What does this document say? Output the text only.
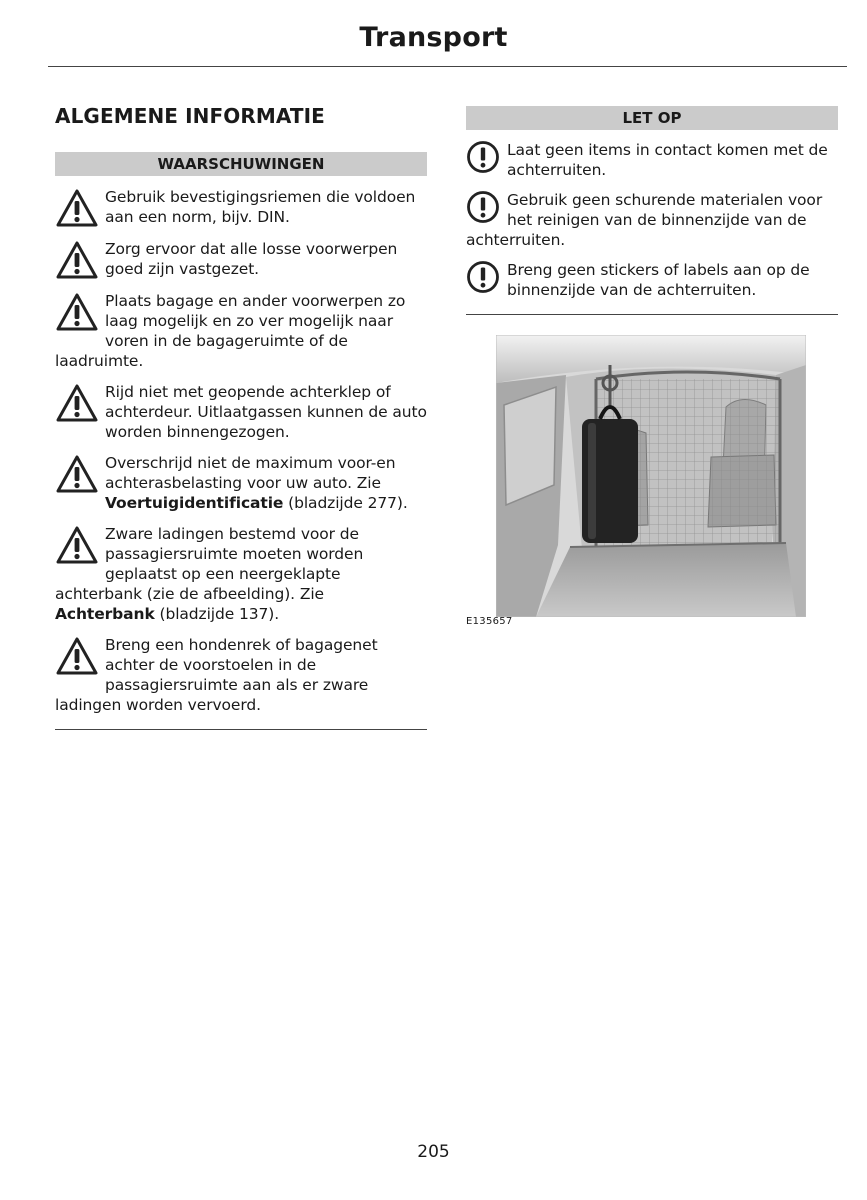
Transport
ALGEMENE INFORMATIE
WAARSCHUWINGEN
Gebruik bevestigingsriemen die voldoen aan een norm, bijv. DIN.
Zorg ervoor dat alle losse voorwerpen goed zijn vastgezet.
Plaats bagage en ander voorwerpen zo laag mogelijk en zo ver mogelijk naar voren in de bagageruimte of de laadruimte.
Rijd niet met geopende achterklep of achterdeur. Uitlaatgassen kunnen de auto worden binnengezogen.
Overschrijd niet de maximum voor-en achterasbelasting voor uw auto. Zie Voertuigidentificatie (bladzijde 277).
Zware ladingen bestemd voor de passagiersruimte moeten worden geplaatst op een neergeklapte achterbank (zie de afbeelding). Zie Achterbank (bladzijde 137).
Breng een hondenrek of bagagenet achter de voorstoelen in de passagiersruimte aan als er zware ladingen worden vervoerd.
LET OP
Laat geen items in contact komen met de achterruiten.
Gebruik geen schurende materialen voor het reinigen van de binnenzijde van de achterruiten.
Breng geen stickers of labels aan op de binnenzijde van de achterruiten.
E135657
205
